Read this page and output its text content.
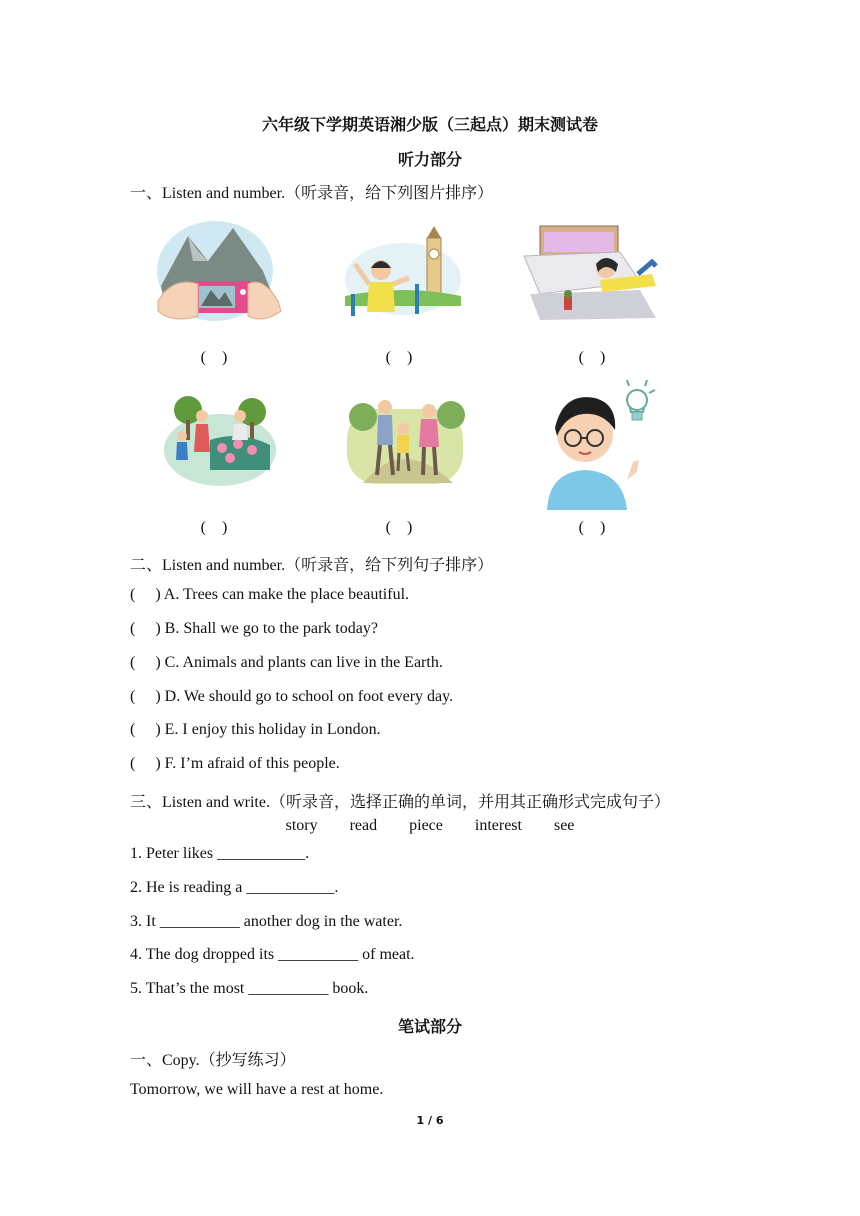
六年级下学期英语湘少版（三起点）期末测试卷
听力部分
一、Listen and number.（听录音，给下列图片排序）
(    )	(    )	(    )
(    )	(    )	(    )
二、Listen and number.（听录音，给下列句子排序）
(     ) A. Trees can make the place beautiful.
(     ) B. Shall we go to the park today?
(     ) C. Animals and plants can live in the Earth.
(     ) D. We should go to school on foot every day.
(     ) E. I enjoy this holiday in London.
(     ) F. I’m afraid of this people.
三、Listen and write.（听录音，选择正确的单词，并用其正确形式完成句子）
story read piece interest see
1. Peter likes ___________.
2. He is reading a ___________.
3. It __________ another dog in the water.
4. The dog dropped its __________ of meat.
5. That’s the most __________ book.
笔试部分
一、Copy.（抄写练习）
Tomorrow, we will have a rest at home.
1 / 6
